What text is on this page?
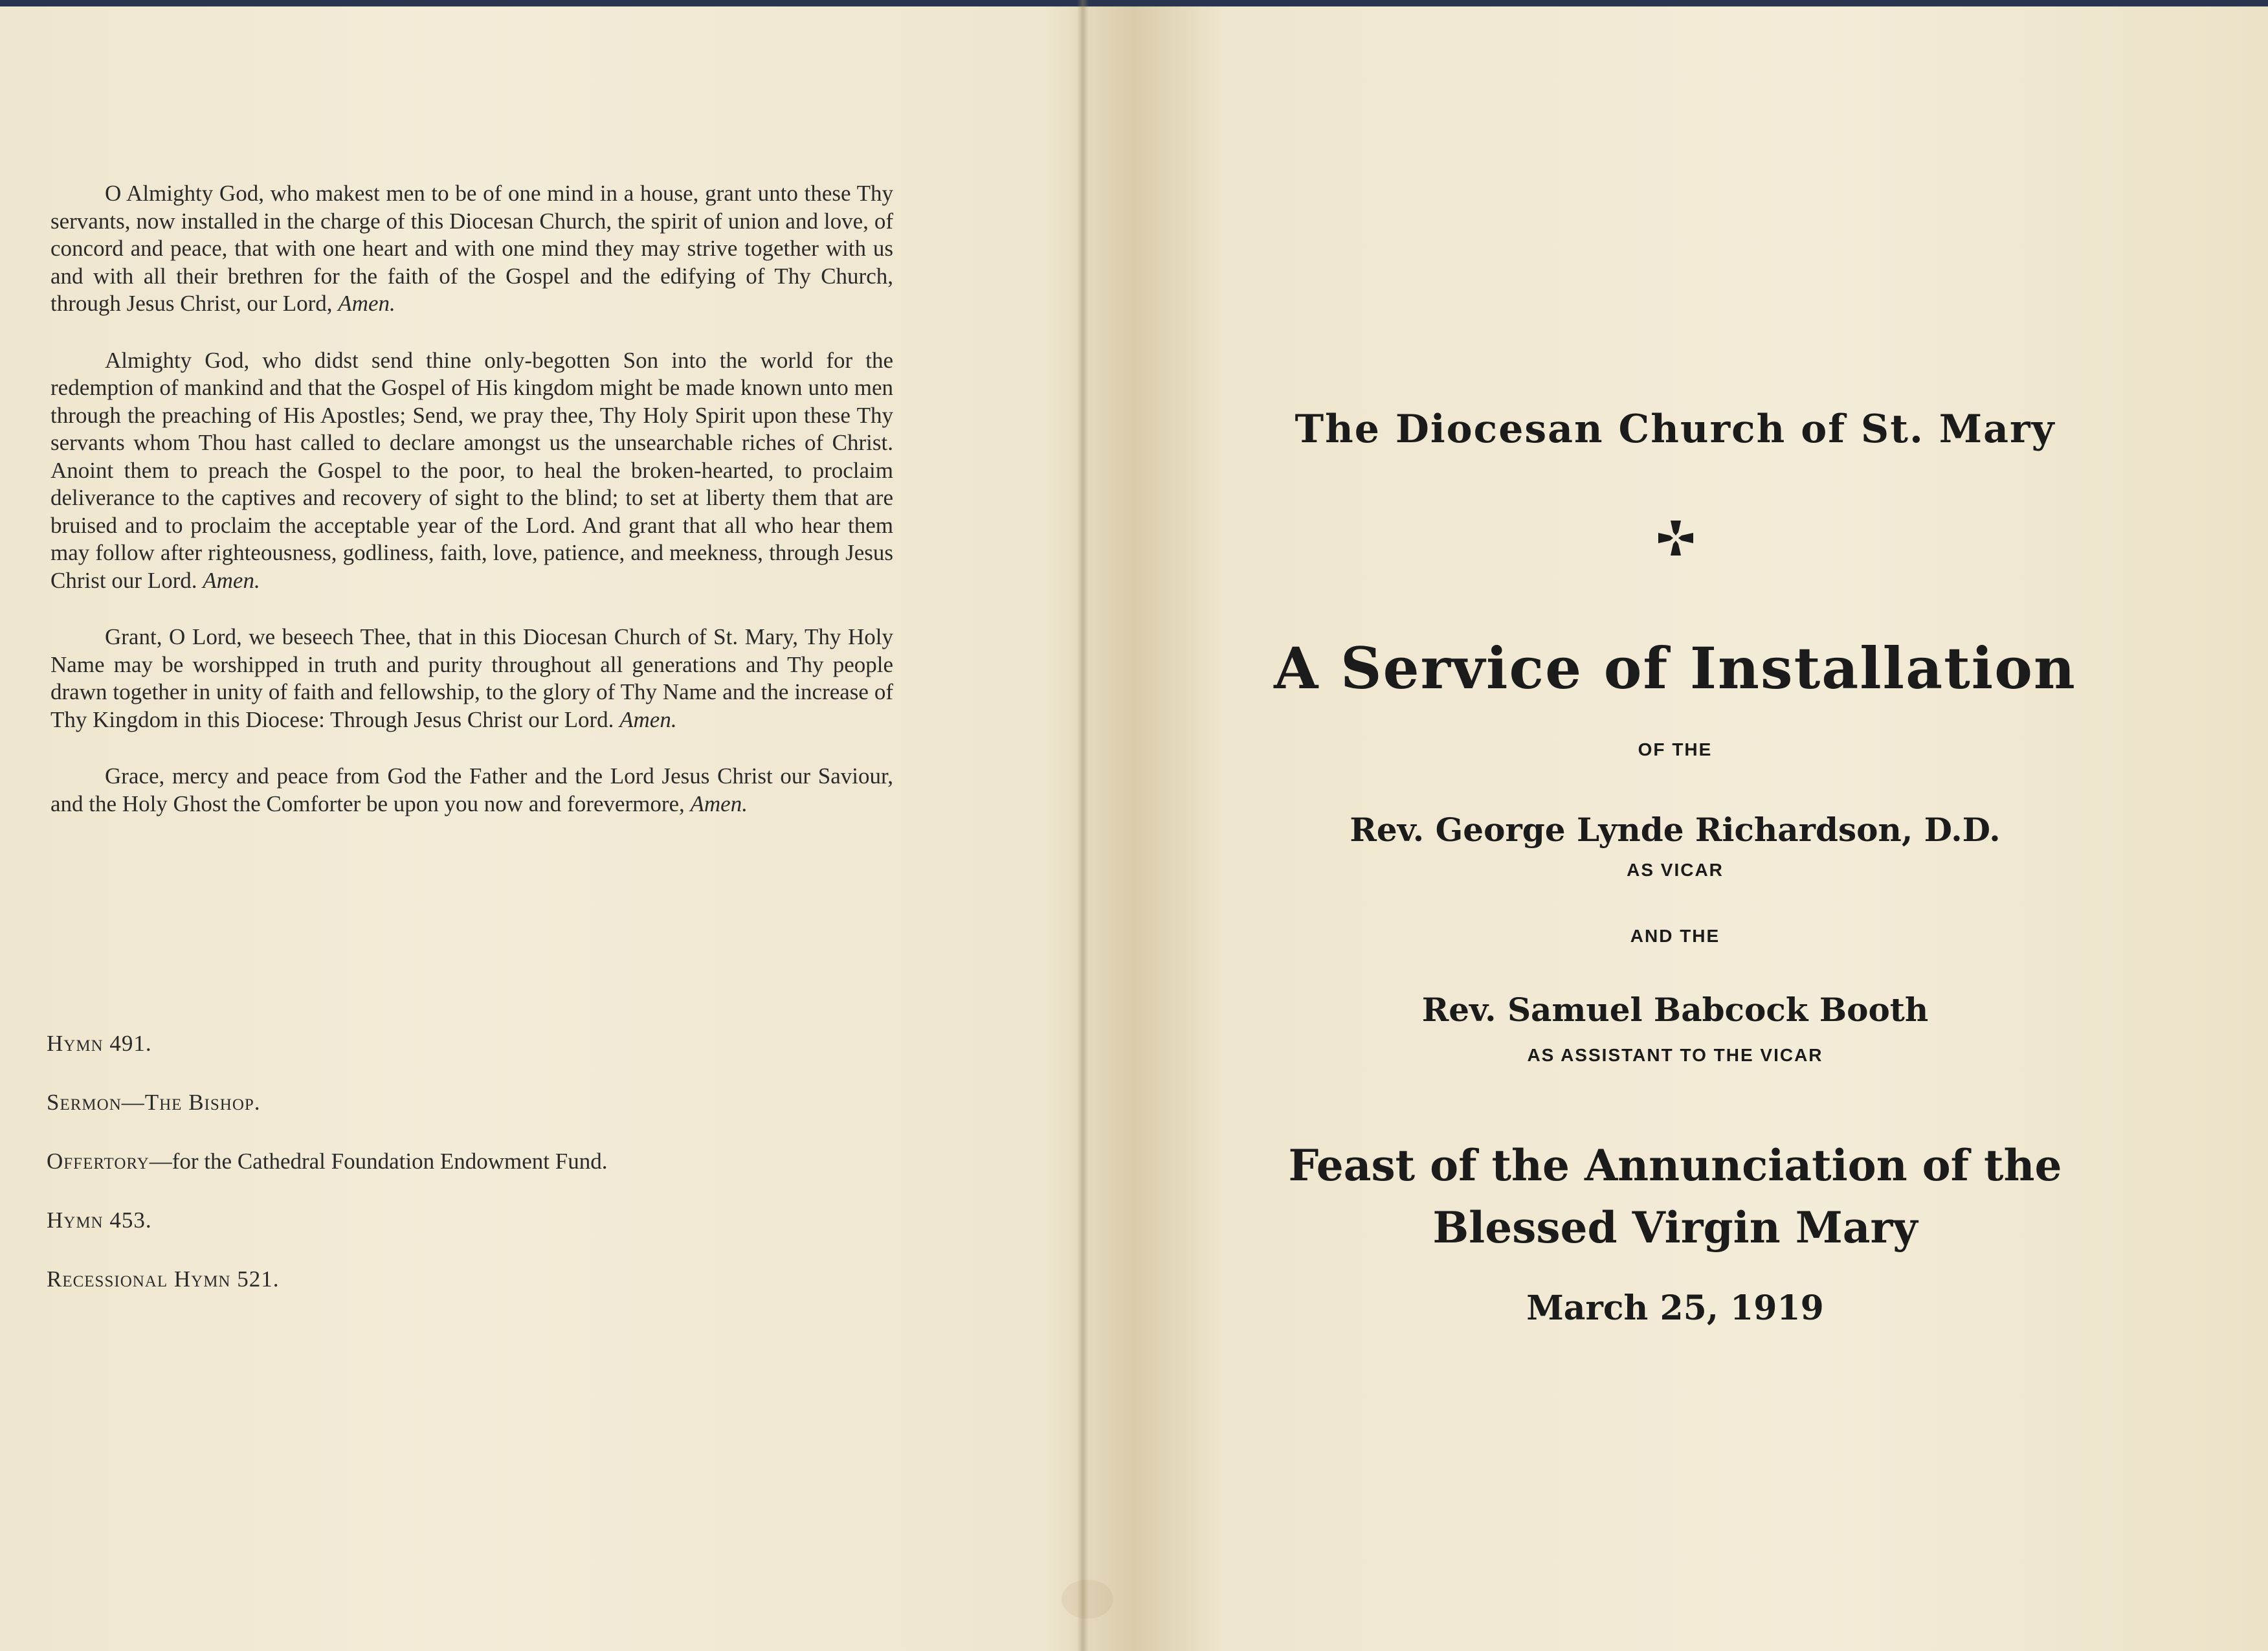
O Almighty God, who makest men to be of one mind in a house, grant unto these Thy servants, now installed in the charge of this Diocesan Church, the spirit of union and love, of concord and peace, that with one heart and with one mind they may strive together with us and with all their brethren for the faith of the Gospel and the edifying of Thy Church, through Jesus Christ, our Lord, Amen.

Almighty God, who didst send thine only-begotten Son into the world for the redemption of mankind and that the Gospel of His kingdom might be made known unto men through the preaching of His Apostles; Send, we pray thee, Thy Holy Spirit upon these Thy servants whom Thou hast called to declare amongst us the unsearchable riches of Christ. Anoint them to preach the Gospel to the poor, to heal the broken-hearted, to proclaim deliverance to the captives and recovery of sight to the blind; to set at liberty them that are bruised and to proclaim the acceptable year of the Lord. And grant that all who hear them may follow after righteousness, godliness, faith, love, patience, and meekness, through Jesus Christ our Lord. Amen.

Grant, O Lord, we beseech Thee, that in this Diocesan Church of St. Mary, Thy Holy Name may be worshipped in truth and purity throughout all generations and Thy people drawn together in unity of faith and fellowship, to the glory of Thy Name and the increase of Thy Kingdom in this Diocese: Through Jesus Christ our Lord. Amen.

Grace, mercy and peace from God the Father and the Lord Jesus Christ our Saviour, and the Holy Ghost the Comforter be upon you now and forevermore, Amen.

Hymn 491.
Sermon—The Bishop.
Offertory—for the Cathedral Foundation Endowment Fund.
Hymn 453.
Recessional Hymn 521.
The Diocesan Church of St. Mary
A Service of Installation
OF THE
Rev. George Lynde Richardson, D.D.
AS VICAR
AND THE
Rev. Samuel Babcock Booth
AS ASSISTANT TO THE VICAR
Feast of the Annunciation of the
Blessed Virgin Mary
March 25, 1919
